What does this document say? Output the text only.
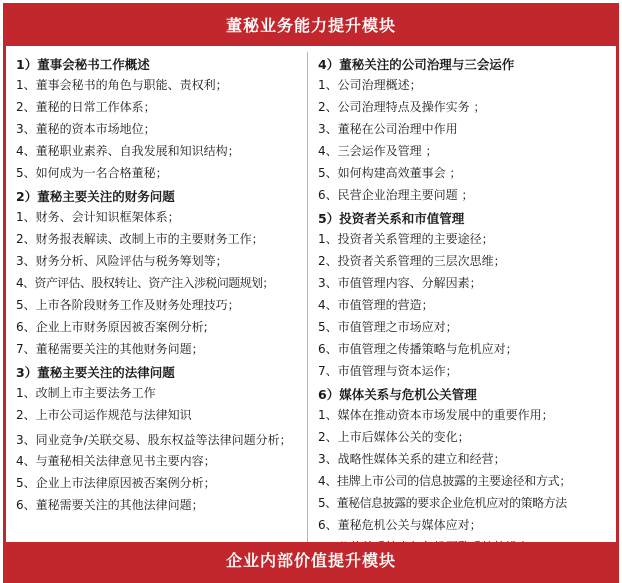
董秘业务能力提升模块
1）董事会秘书工作概述
1、董事会秘书的角色与职能、责权利；
2、董秘的日常工作体系；
3、董秘的资本市场地位；
4、董秘职业素养、自我发展和知识结构；
5、如何成为一名合格董秘；
2）董秘主要关注的财务问题
1、财务、会计知识框架体系；
2、财务报表解读、改制上市的主要财务工作；
3、财务分析、风险评估与税务筹划等；
4、资产评估、股权转让、资产注入涉税问题规划；
5、上市各阶段财务工作及财务处理技巧；
6、企业上市财务原因被否案例分析;
7、董秘需要关注的其他财务问题；
3）董秘主要关注的法律问题
1、改制上市主要法务工作
2、上市公司运作规范与法律知识
3、同业竞争/关联交易、股东权益等法律问题分析；
4、与董秘相关法律意见书主要内容；
5、企业上市法律原因被否案例分析；
6、董秘需要关注的其他法律问题；
4）董秘关注的公司治理与三会运作
1、公司治理概述；
2、公司治理特点及操作实务 ；
3、董秘在公司治理中作用
4、三会运作及管理 ；
5、如何构建高效董事会 ；
6、民营企业治理主要问题 ；
5）投资者关系和市值管理
1、投资者关系管理的主要途径；
2、投资者关系管理的三层次思维；
3、市值管理内容、分解因素；
4、市值管理的营造；
5、市值管理之市场应对；
6、市值管理之传播策略与危机应对；
7、市值管理与资本运作；
6）媒体关系与危机公关管理
1、媒体在推动资本市场发展中的重要作用；
2、上市后媒体公关的变化；
3、战略性媒体关系的建立和经营；
4、挂牌上市公司的信息披露的主要途径和方式；
5、董秘信息披露的要求企业危机应对的策略方法
6、董秘危机公关与媒体应对；
企业内部价值提升模块
